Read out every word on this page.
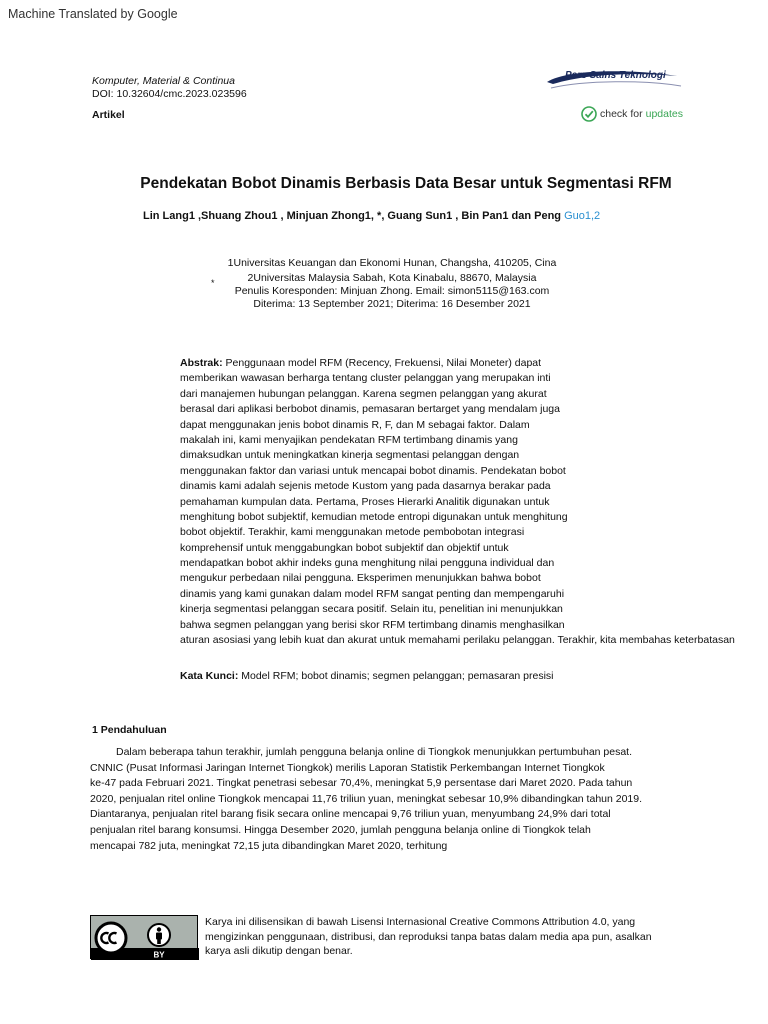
Machine Translated by Google
Komputer, Material & Continua
DOI: 10.32604/cmc.2023.023596
Artikel
Pers Sains Teknologi
check for updates
Pendekatan Bobot Dinamis Berbasis Data Besar untuk Segmentasi RFM
Lin Lang1 ,Shuang Zhou1 , Minjuan Zhong1, *, Guang Sun1 , Bin Pan1 dan Peng Guo1,2
1Universitas Keuangan dan Ekonomi Hunan, Changsha, 410205, Cina
2Universitas Malaysia Sabah, Kota Kinabalu, 88670, Malaysia
*
Penulis Koresponden: Minjuan Zhong. Email: simon5115@163.com
Diterima: 13 September 2021; Diterima: 16 Desember 2021
Abstrak: Penggunaan model RFM (Recency, Frekuensi, Nilai Moneter) dapat
memberikan wawasan berharga tentang cluster pelanggan yang merupakan inti
dari manajemen hubungan pelanggan. Karena segmen pelanggan yang akurat
berasal dari aplikasi berbobot dinamis, pemasaran bertarget yang mendalam juga
dapat menggunakan jenis bobot dinamis R, F, dan M sebagai faktor. Dalam
makalah ini, kami menyajikan pendekatan RFM tertimbang dinamis yang
dimaksudkan untuk meningkatkan kinerja segmentasi pelanggan dengan
menggunakan faktor dan variasi untuk mencapai bobot dinamis. Pendekatan bobot
dinamis kami adalah sejenis metode Kustom yang pada dasarnya berakar pada
pemahaman kumpulan data. Pertama, Proses Hierarki Analitik digunakan untuk
menghitung bobot subjektif, kemudian metode entropi digunakan untuk menghitung
bobot objektif. Terakhir, kami menggunakan metode pembobotan integrasi
komprehensif untuk menggabungkan bobot subjektif dan objektif untuk
mendapatkan bobot akhir indeks guna menghitung nilai pengguna individual dan
mengukur perbedaan nilai pengguna. Eksperimen menunjukkan bahwa bobot
dinamis yang kami gunakan dalam model RFM sangat penting dan mempengaruhi
kinerja segmentasi pelanggan secara positif. Selain itu, penelitian ini menunjukkan
bahwa segmen pelanggan yang berisi skor RFM tertimbang dinamis menghasilkan
aturan asosiasi yang lebih kuat dan akurat untuk memahami perilaku pelanggan. Terakhir, kita membahas keterbatasan
Kata Kunci: Model RFM; bobot dinamis; segmen pelanggan; pemasaran presisi
1 Pendahuluan
Dalam beberapa tahun terakhir, jumlah pengguna belanja online di Tiongkok menunjukkan pertumbuhan pesat.
CNNIC (Pusat Informasi Jaringan Internet Tiongkok) merilis Laporan Statistik Perkembangan Internet Tiongkok
ke-47 pada Februari 2021. Tingkat penetrasi sebesar 70,4%, meningkat 5,9 persentase dari Maret 2020. Pada tahun
2020, penjualan ritel online Tiongkok mencapai 11,76 triliun yuan, meningkat sebesar 10,9% dibandingkan tahun 2019.
Diantaranya, penjualan ritel barang fisik secara online mencapai 9,76 triliun yuan, menyumbang 24,9% dari total
penjualan ritel barang konsumsi. Hingga Desember 2020, jumlah pengguna belanja online di Tiongkok telah
mencapai 782 juta, meningkat 72,15 juta dibandingkan Maret 2020, terhitung
BY
Karya ini dilisensikan di bawah Lisensi Internasional Creative Commons Attribution 4.0, yang
mengizinkan penggunaan, distribusi, dan reproduksi tanpa batas dalam media apa pun, asalkan
karya asli dikutip dengan benar.
